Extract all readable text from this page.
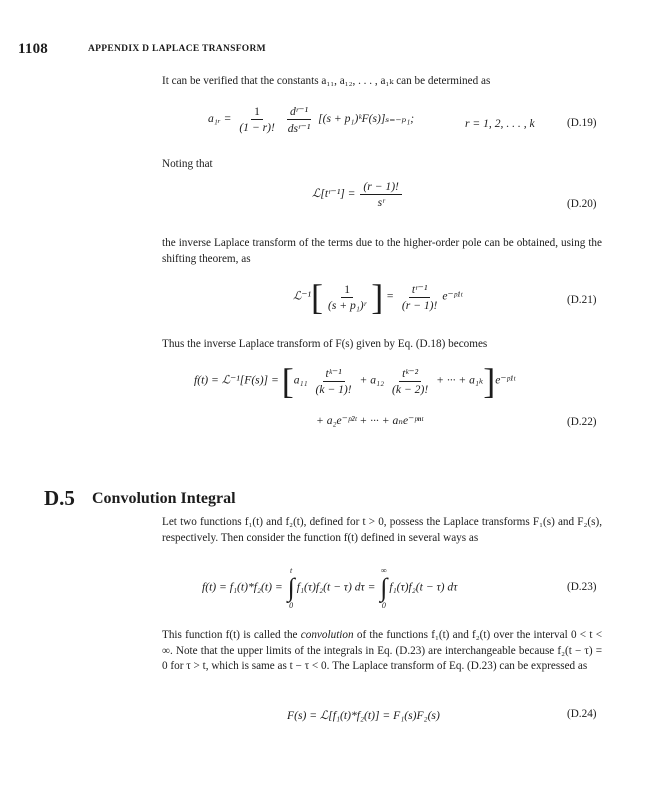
1108	APPENDIX D LAPLACE TRANSFORM
It can be verified that the constants a₁₁, a₁₂, . . . , a₁ₖ can be determined as
a₁ᵣ = $\frac{1}{(1 - r)!}$
$\frac{\text{dʳ⁻¹}}{\text{dsʳ⁻¹}} [(s$ + p₁)ᵏF(s)]ₛ₌₋ₚ₁;	r = 1, 2, . . . , k	(D.19)
Noting that
ℒ[tʳ⁻¹] = $\frac{(r - 1)!}{\text{sʳ}}$	(D.20)
the inverse Laplace transform of the terms due to the higher-order pole can be obtained, using the shifting theorem, as
ℒ⁻¹[ $\frac{1}{\text{(s + p₁)ʳ}}$ ] = $\frac{\text{tʳ⁻¹}}{(r - 1)!}$ e⁻ᵖ¹ᵗ	(D.21)
Thus the inverse Laplace transform of F(s) given by Eq. (D.18) becomes
f(t) = ℒ⁻¹[F(s)] = [$a_{11} \frac{\text{tᵏ⁻¹}}{(k - 1)!} + a_{12} \frac{\text{tᵏ⁻²}}{(k - 2)!}$ + ··· + a₁ₖ]e⁻ᵖ¹ᵗ
+ a₂e⁻ᵖ²ᵗ + ··· + aₙe⁻ᵖⁿᵗ	(D.22)
D.5 Convolution Integral
Let two functions f₁(t) and f₂(t), defined for t > 0, possess the Laplace transforms F₁(s) and F₂(s), respectively. Then consider the function f(t) defined in several ways as
f(t) = f₁(t)*f₂(t) =
t
∫
0
f₁(τ)f₂(t − τ) dτ =
∞
∫
0
f₁(τ)f₂(t − τ) dτ	(D.23)
This function f(t) is called the convolution of the functions f₁(t) and f₂(t) over the interval 0 < t < ∞. Note that the upper limits of the integrals in Eq. (D.23) are interchangeable because f₂(t − τ) = 0 for τ > t, which is same as t − τ < 0. The Laplace transform of Eq. (D.23) can be expressed as
F(s) = ℒ[f₁(t)*f₂(t)] = F₁(s)F₂(s)	(D.24)
